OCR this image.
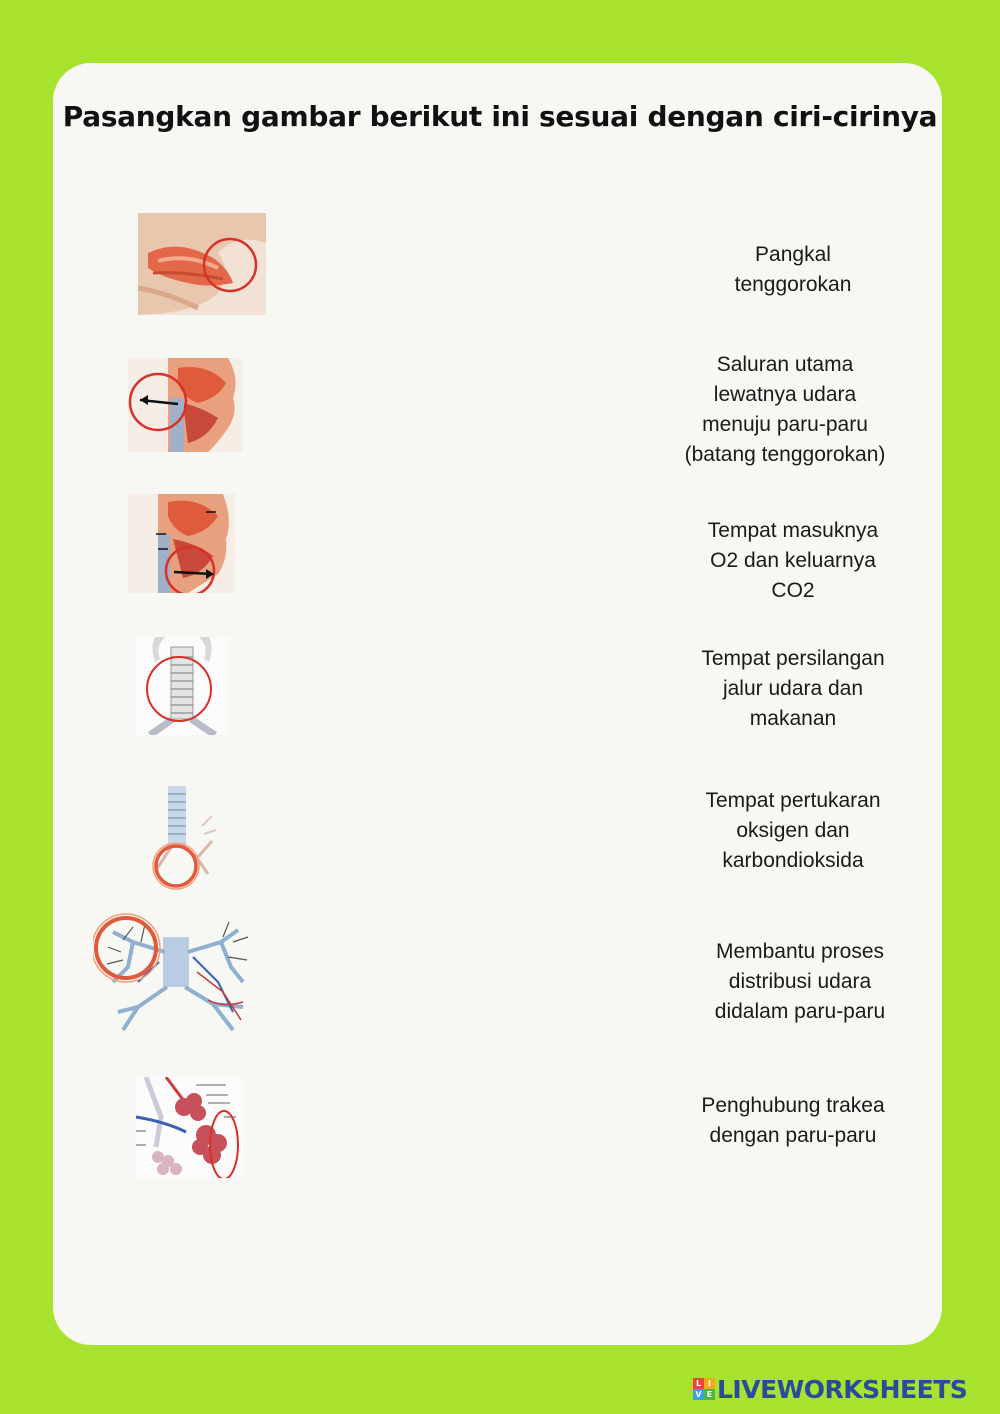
Pasangkan gambar berikut ini sesuai dengan ciri-cirinya
Pangkal
tenggorokan
Saluran utama
lewatnya udara
menuju paru-paru
(batang tenggorokan)
Tempat masuknya
O2 dan keluarnya
CO2
Tempat persilangan
jalur udara dan
makanan
Tempat pertukaran
oksigen dan
karbondioksida
Membantu proses
distribusi udara
didalam paru-paru
Penghubung trakea
dengan paru-paru
L I
V E LIVEWORKSHEETS
